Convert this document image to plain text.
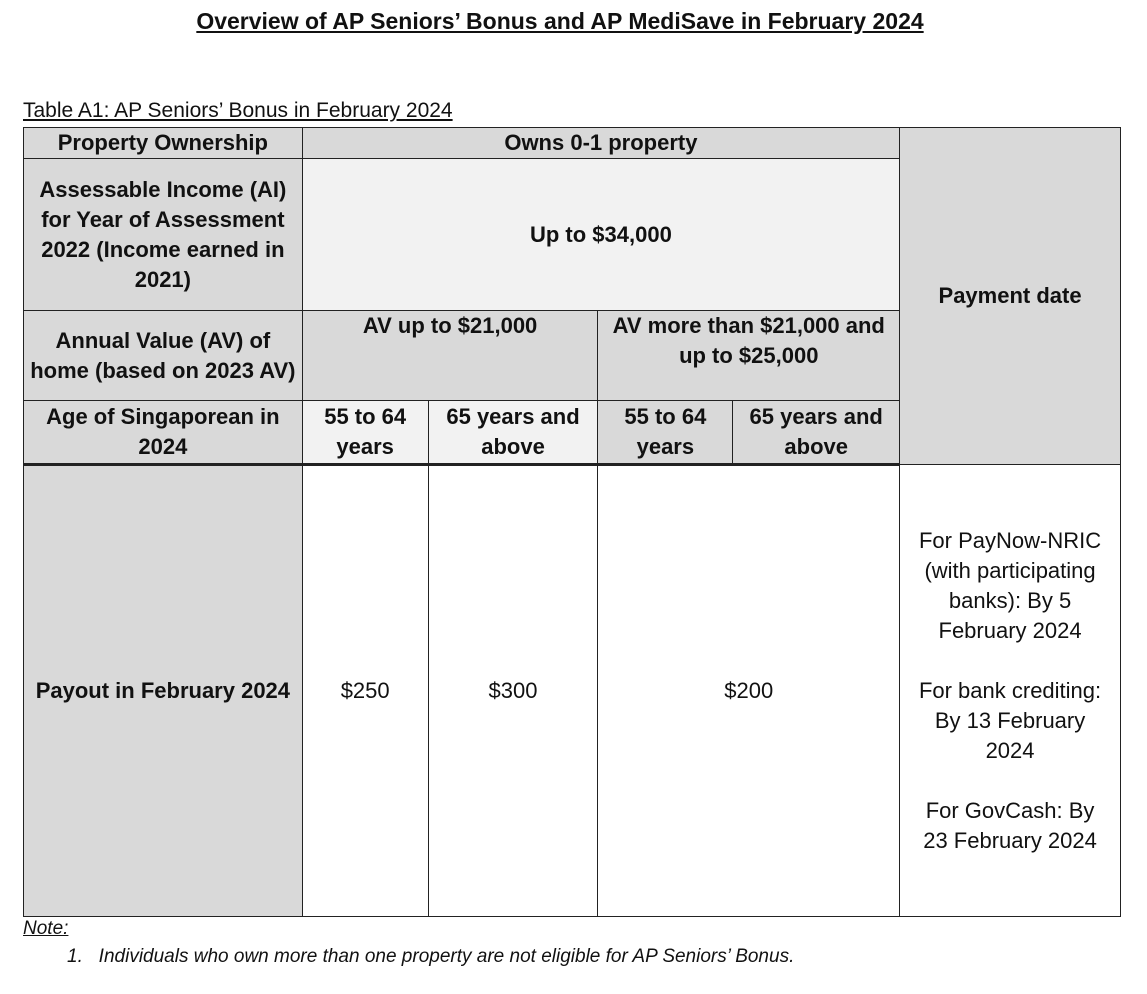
Overview of AP Seniors’ Bonus and AP MediSave in February 2024
Table A1: AP Seniors’ Bonus in February 2024
Property Ownership	Owns 0-1 property				Payment date
Assessable Income (AI) for Year of Assessment 2022 (Income earned in 2021)	Up to $34,000				
Annual Value (AV) of home (based on 2023 AV)	AV up to $21,000		AV more than $21,000 and up to $25,000		
Age of Singaporean in 2024	55 to 64 years	65 years and above	55 to 64 years	65 years and above	
Payout in February 2024	$250	$300	$200		For PayNow-NRIC (with participating banks): By 5 February 2024
For bank crediting: By 13 February 2024
For GovCash: By 23 February 2024
Note:
1.   Individuals who own more than one property are not eligible for AP Seniors’ Bonus.
